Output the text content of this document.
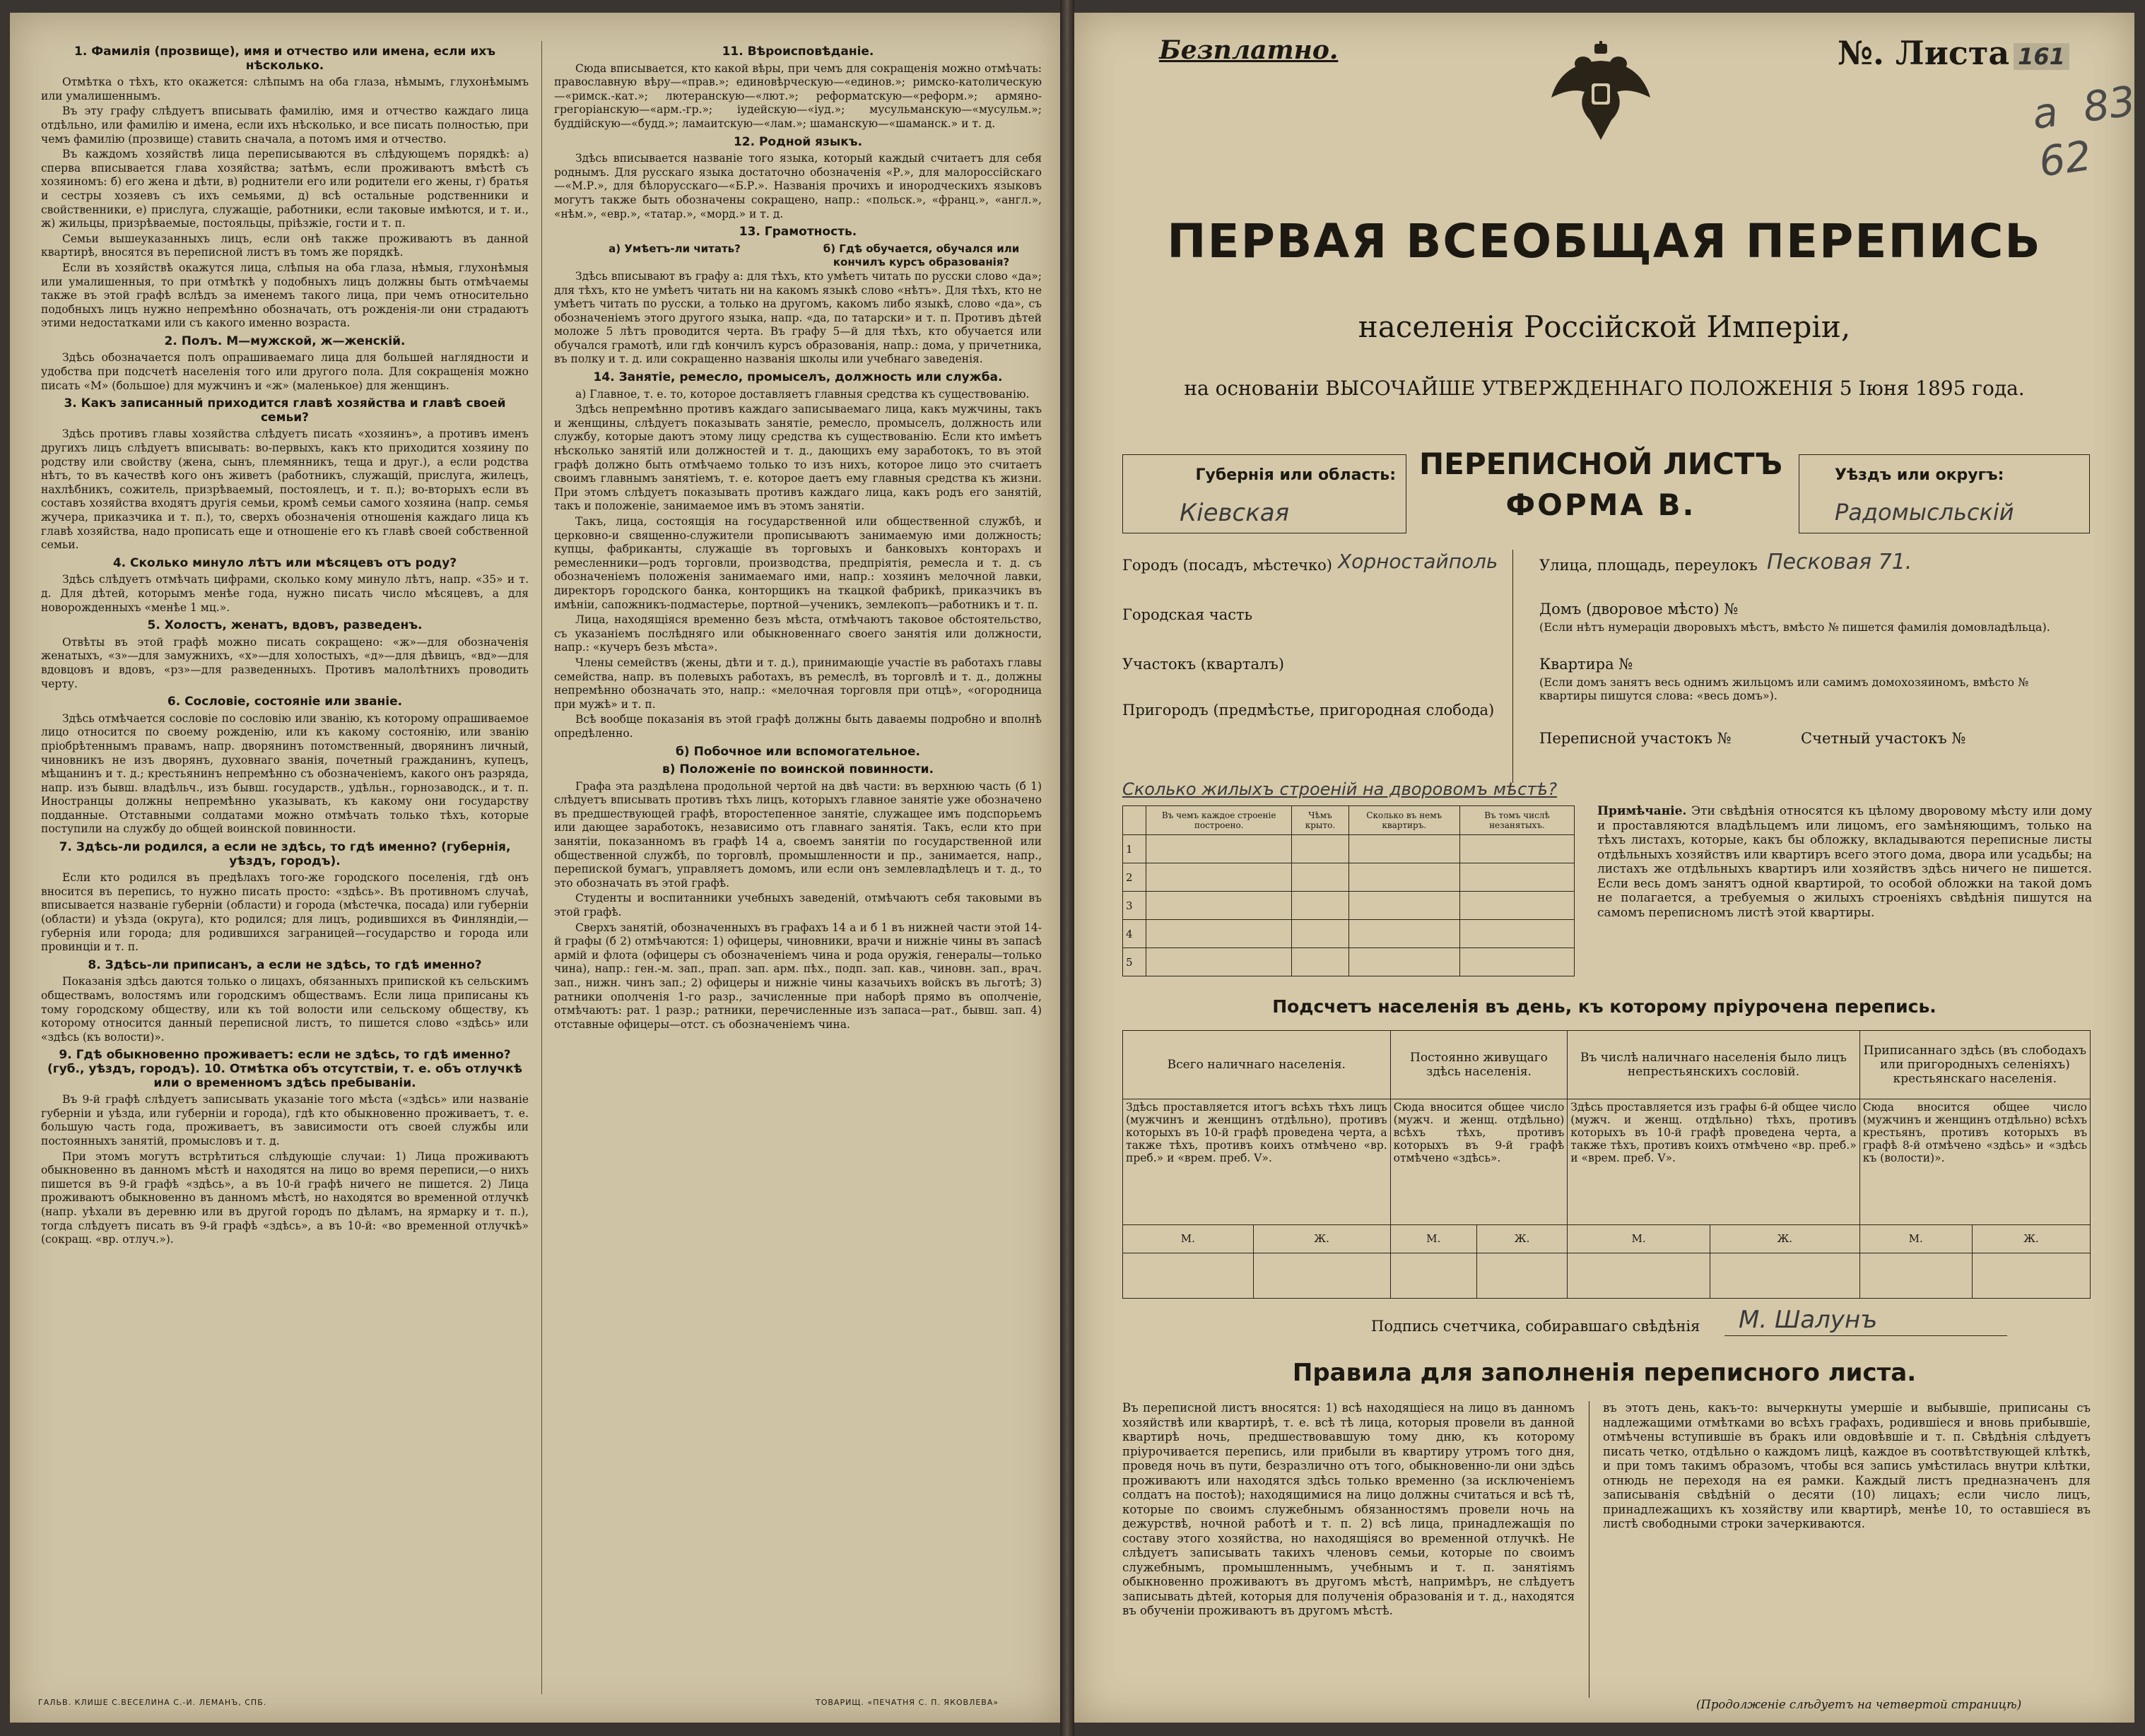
1. Фамилія (прозвище), имя и отчество или имена, если ихъ нѣсколько.
Отмѣтка о тѣхъ, кто окажется: слѣпымъ на оба глаза, нѣмымъ, глухонѣмымъ или умалишеннымъ.
Въ эту графу слѣдуетъ вписывать фамилію, имя и отчество каждаго лица отдѣльно, или фамилію и имена, если ихъ нѣсколько, и все писать полностью, при чемъ фамилію (прозвище) ставить сначала, а потомъ имя и отчество.
Въ каждомъ хозяйствѣ лица переписываются въ слѣдующемъ порядкѣ: а) сперва вписывается глава хозяйства; затѣмъ, если проживаютъ вмѣстѣ съ хозяиномъ: б) его жена и дѣти, в) роднители его или родители его жены, г) братья и сестры хозяевъ съ ихъ семьями, д) всѣ остальные родственники и свойственники, е) прислуга, служащіе, работники, если таковые имѣются, и т. и., ж) жильцы, призрѣваемые, постояльцы, пріѣзжіе, гости и т. п.
Семьи вышеуказанныхъ лицъ, если онѣ также проживаютъ въ данной квартирѣ, вносятся въ переписной листъ въ томъ же порядкѣ.
Если въ хозяйствѣ окажутся лица, слѣпыя на оба глаза, нѣмыя, глухонѣмыя или умалишенныя, то при отмѣткѣ у подобныхъ лицъ должны быть отмѣчаемы также въ этой графѣ вслѣдъ за именемъ такого лица, при чемъ относительно подобныхъ лицъ нужно непремѣнно обозначать, отъ рожденія-ли они страдаютъ этими недостатками или съ какого именно возраста.
2. Полъ. М—мужской, ж—женскій.
Здѣсь обозначается полъ опрашиваемаго лица для большей наглядности и удобства при подсчетѣ населенія того или другого пола. Для сокращенія можно писать «М» (большое) для мужчинъ и «ж» (маленькое) для женщинъ.
3. Какъ записанный приходится главѣ хозяйства и главѣ своей семьи?
Здѣсь противъ главы хозяйства слѣдуетъ писать «хозяинъ», а противъ именъ другихъ лицъ слѣдуетъ вписывать: во-первыхъ, какъ кто приходится хозяину по родству или свойству (жена, сынъ, племянникъ, теща и друг.), а если родства нѣтъ, то въ качествѣ кого онъ живетъ (работникъ, служащій, прислуга, жилецъ, нахлѣбникъ, сожитель, призрѣваемый, постоялецъ, и т. п.); во-вторыхъ если въ составъ хозяйства входятъ другія семьи, кромѣ семьи самого хозяина (напр. семья жучера, приказчика и т. п.), то, сверхъ обозначенія отношенія каждаго лица къ главѣ хозяйства, надо прописать еще и отношеніе его къ главѣ своей собственной семьи.
4. Сколько минуло лѣтъ или мѣсяцевъ отъ роду?
Здѣсь слѣдуетъ отмѣчать цифрами, сколько кому минуло лѣтъ, напр. «35» и т. д. Для дѣтей, которымъ менѣе года, нужно писать число мѣсяцевъ, а для новорожденныхъ «менѣе 1 мц.».
5. Холостъ, женатъ, вдовъ, разведенъ.
Отвѣты въ этой графѣ можно писать сокращено: «ж»—для обозначенія женатыхъ, «з»—для замужнихъ, «х»—для холостыхъ, «д»—для дѣвицъ, «вд»—для вдовцовъ и вдовъ, «рз»—для разведенныхъ. Противъ малолѣтнихъ проводить черту.
6. Сословіе, состояніе или званіе.
Здѣсь отмѣчается сословіе по сословію или званію, къ которому опрашиваемое лицо относится по своему рожденію, или къ какому состоянію, или званію пріобрѣтеннымъ правамъ, напр. дворянинъ потомственный, дворянинъ личный, чиновникъ не изъ дворянъ, духовнаго званія, почетный гражданинъ, купецъ, мѣщанинъ и т. д.; крестьянинъ непремѣнно съ обозначеніемъ, какого онъ разряда, напр. изъ бывш. владѣльч., изъ бывш. государств., удѣльн., горнозаводск., и т. п. Иностранцы должны непремѣнно указывать, къ какому они государству подданные. Отставными солдатами можно отмѣчать только тѣхъ, которые поступили на службу до общей воинской повинности.
7. Здѣсь-ли родился, а если не здѣсь, то гдѣ именно? (губернія, уѣздъ, городъ).
Если кто родился въ предѣлахъ того-же городского поселенія, гдѣ онъ вносится въ перепись, то нужно писать просто: «здѣсь». Въ противномъ случаѣ, вписывается названіе губерніи (области) и города (мѣстечка, посада) или губерніи (области) и уѣзда (округа), кто родился; для лицъ, родившихся въ Финляндіи,—губернія или города; для родившихся заграницей—государство и города или провинціи и т. п.
8. Здѣсь-ли приписанъ, а если не здѣсь, то гдѣ именно?
Показанія здѣсь даются только о лицахъ, обязанныхъ припиской къ сельскимъ обществамъ, волостямъ или городскимъ обществамъ. Если лица приписаны къ тому городскому обществу, или къ той волости или сельскому обществу, къ которому относится данный переписной листъ, то пишется слово «здѣсь» или «здѣсь (къ волости)».
9. Гдѣ обыкновенно проживаетъ: если не здѣсь, то гдѣ именно? (губ., уѣздъ, городъ). 10. Отмѣтка объ отсутствіи, т. е. объ отлучкѣ или о временномъ здѣсь пребываніи.
Въ 9-й графѣ слѣдуетъ записывать указаніе того мѣста («здѣсь» или названіе губерніи и уѣзда, или губерніи и города), гдѣ кто обыкновенно проживаетъ, т. е. большую часть года, проживаетъ, въ зависимости отъ своей службы или постоянныхъ занятій, промысловъ и т. д.
При этомъ могутъ встрѣтиться слѣдующіе случаи: 1) Лица проживаютъ обыкновенно въ данномъ мѣстѣ и находятся на лицо во время переписи,—о нихъ пишется въ 9-й графѣ «здѣсь», а въ 10-й графѣ ничего не пишется. 2) Лица проживаютъ обыкновенно въ данномъ мѣстѣ, но находятся во временной отлучкѣ (напр. уѣхали въ деревню или въ другой городъ по дѣламъ, на ярмарку и т. п.), тогда слѣдуетъ писать въ 9-й графѣ «здѣсь», а въ 10-й: «во временной отлучкѣ» (сокращ. «вр. отлуч.»).
11. Вѣроисповѣданіе.
Сюда вписывается, кто какой вѣры, при чемъ для сокращенія можно отмѣчать: православную вѣру—«прав.»; единовѣрческую—«единов.»; римско-католическую—«римск.-кат.»; лютеранскую—«лют.»; реформатскую—«реформ.»; армяно-грегоріанскую—«арм.-гр.»; іудейскую—«іуд.»; мусульманскую—«мусульм.»; буддійскую—«будд.»; ламаитскую—«лам.»; шаманскую—«шаманск.» и т. д.
12. Родной языкъ.
Здѣсь вписывается названіе того языка, который каждый считаетъ для себя роднымъ. Для русскаго языка достаточно обозначенія «Р.», для малороссійскаго—«М.Р.», для бѣлорусскаго—«Б.Р.». Названія прочихъ и инородческихъ языковъ могутъ также быть обозначены сокращено, напр.: «польск.», «франц.», «англ.», «нѣм.», «евр.», «татар.», «морд.» и т. д.
13. Грамотность.
а) Умѣетъ-ли читать?	б) Гдѣ обучается, обучался или кончилъ курсъ образованія?
Здѣсь вписывают въ графу а: для тѣхъ, кто умѣетъ читать по русски слово «да»; для тѣхъ, кто не умѣетъ читать ни на какомъ языкѣ слово «нѣтъ». Для тѣхъ, кто не умѣетъ читать по русски, а только на другомъ, какомъ либо языкѣ, слово «да», съ обозначеніемъ этого другого языка, напр. «да, по татарски» и т. п. Противъ дѣтей моложе 5 лѣтъ проводится черта. Въ графу 5—й для тѣхъ, кто обучается или обучался грамотѣ, или гдѣ кончилъ курсъ образованія, напр.: дома, у причетника, въ полку и т. д. или сокращенно названія школы или учебнаго заведенія.
14. Занятіе, ремесло, промыселъ, должность или служба.
а) Главное, т. е. то, которое доставляетъ главныя средства къ существованію.
Здѣсь непремѣнно противъ каждаго записываемаго лица, какъ мужчины, такъ и женщины, слѣдуетъ показывать занятіе, ремесло, промыселъ, должность или службу, которые даютъ этому лицу средства къ существованію. Если кто имѣетъ нѣсколько занятій или должностей и т. д., дающихъ ему заработокъ, то въ этой графѣ должно быть отмѣчаемо только то изъ нихъ, которое лицо это считаетъ своимъ главнымъ занятіемъ, т. е. которое даетъ ему главныя средства къ жизни. При этомъ слѣдуетъ показывать противъ каждаго лица, какъ родъ его занятій, такъ и положеніе, занимаемое имъ въ этомъ занятіи.
Такъ, лица, состоящія на государственной или общественной службѣ, и церковно-и священно-служители прописываютъ занимаемую ими должность; купцы, фабриканты, служащіе въ торговыхъ и банковыхъ конторахъ и ремесленники—родъ торговли, производства, предпріятія, ремесла и т. д. съ обозначеніемъ положенія занимаемаго ими, напр.: хозяинъ мелочной лавки, директоръ городского банка, конторщикъ на ткацкой фабрикѣ, приказчикъ въ имѣніи, сапожникъ-подмастерье, портной—ученикъ, землекопъ—работникъ и т. п.
Лица, находящіяся временно безъ мѣста, отмѣчаютъ таковое обстоятельство, съ указаніемъ послѣдняго или обыкновеннаго своего занятія или должности, напр.: «кучеръ безъ мѣста».
Члены семействъ (жены, дѣти и т. д.), принимающіе участіе въ работахъ главы семейства, напр. въ полевыхъ работахъ, въ ремеслѣ, въ торговлѣ и т. д., должны непремѣнно обозначать это, напр.: «мелочная торговля при отцѣ», «огородница при мужѣ» и т. п.
Всѣ вообще показанія въ этой графѣ должны быть даваемы подробно и вполнѣ опредѣленно.
б) Побочное или вспомогательное.
в) Положеніе по воинской повинности.
Графа эта раздѣлена продольной чертой на двѣ части: въ верхнюю часть (б 1) слѣдуетъ вписывать противъ тѣхъ лицъ, которыхъ главное занятіе уже обозначено въ предшествующей графѣ, второстепенное занятіе, служащее имъ подспорьемъ или дающее заработокъ, независимо отъ главнаго занятія. Такъ, если кто при занятіи, показанномъ въ графѣ 14 а, своемъ занятіи по государственной или общественной службѣ, по торговлѣ, промышленности и пр., занимается, напр., перепиской бумагъ, управляетъ домомъ, или если онъ землевладѣлецъ и т. д., то это обозначать въ этой графѣ.
Студенты и воспитанники учебныхъ заведеній, отмѣчаютъ себя таковыми въ этой графѣ.
Сверхъ занятій, обозначенныхъ въ графахъ 14 а и б 1 въ нижней части этой 14-й графы (б 2) отмѣчаются: 1) офицеры, чиновники, врачи и нижніе чины въ запасѣ армій и флота (офицеры съ обозначеніемъ чина и рода оружія, генералы—только чина), напр.: ген.-м. зап., прап. зап. арм. пѣх., подп. зап. кав., чиновн. зап., врач. зап., нижн. чинъ зап.; 2) офицеры и нижніе чины казачьихъ войскъ въ льготѣ; 3) ратники ополченія 1-го разр., зачисленные при наборѣ прямо въ ополченіе, отмѣчаютъ: рат. 1 разр.; ратники, перечисленные изъ запаса—рат., бывш. зап. 4) отставные офицеры—отст. съ обозначеніемъ чина.
ГАЛЬВ. КЛИШЕ С.ВЕСЕЛИНА С.-И. ЛЕМАНЪ, СПБ.	ТОВАРИЩ. «ПЕЧАТНЯ С. П. ЯКОВЛЕВА»
Безплатно.	№. Листа 161
а  83
62
ПЕРВАЯ ВСЕОБЩАЯ ПЕРЕПИСЬ
населенія Россійской Имперіи,
на основаніи ВЫСОЧАЙШЕ УТВЕРЖДЕННАГО ПОЛОЖЕНІЯ 5 Іюня 1895 года.
Губернія или область:
Кіевская
ПЕРЕПИСНОЙ ЛИСТЪ
ФОРМА В.
Уѣздъ или округъ:
Радомысльскій
Городъ (посадъ, мѣстечко) Хорностайполь
Городская часть
Участокъ (кварталъ)
Пригородъ (предмѣстье, пригородная слобода)
Улица, площадь, переулокъ Песковая 71.
Домъ (дворовое мѣсто) №
(Если нѣтъ нумераціи дворовыхъ мѣстъ, вмѣсто № пишется фамилія домовладѣльца).
Квартира №
(Если домъ занятъ весь однимъ жильцомъ или самимъ домохозяиномъ, вмѣсто № квартиры пишутся слова: «весь домъ»).
Переписной участокъ №	Счетный участокъ №
Сколько жилыхъ строеній на дворовомъ мѣстѣ?
	Въ чемъ каждое строеніе построено.	Чѣмъ крыто.	Сколько въ немъ квартиръ.	Въ томъ числѣ незанятыхъ.
1				
2				
3				
4				
5				
Примѣчаніе. Эти свѣдѣнія относятся къ цѣлому дворовому мѣсту или дому и проставляются владѣльцемъ или лицомъ, его замѣняющимъ, только на тѣхъ листахъ, которые, какъ бы обложку, вкладываются переписные листы отдѣльныхъ хозяйствъ или квартиръ всего этого дома, двора или усадьбы; на листахъ же отдѣльныхъ квартиръ или хозяйствъ здѣсь ничего не пишется. Если весь домъ занятъ одной квартирой, то особой обложки на такой домъ не полагается, а требуемыя о жилыхъ строеніяхъ свѣдѣнія пишутся на самомъ переписномъ листѣ этой квартиры.
Подсчетъ населенія въ день, къ которому пріурочена перепись.
Всего наличнаго населенія.		Постоянно живущаго здѣсь населенія.		Въ числѣ наличнаго населенія было лицъ непрестьянскихъ сословій.		Приписаннаго здѣсь (въ слободахъ или пригородныхъ селеніяхъ) крестьянскаго населенія.	
Здѣсь проставляется итогъ всѣхъ тѣхъ лицъ (мужчинъ и женщинъ отдѣльно), противъ которыхъ въ 10-й графѣ проведена черта, а также тѣхъ, противъ коихъ отмѣчено «вр. преб.» и «врем. преб. V».		Сюда вносится общее число (мужч. и женщ. отдѣльно) всѣхъ тѣхъ, противъ которыхъ въ 9-й графѣ отмѣчено «здѣсь».		Здѣсь проставляется изъ графы 6-й общее число (мужч. и женщ. отдѣльно) тѣхъ, противъ которыхъ въ 10-й графѣ проведена черта, а также тѣхъ, противъ коихъ отмѣчено «вр. преб.» и «врем. преб. V».		Сюда вносится общее число (мужчинъ и женщинъ отдѣльно) всѣхъ крестьянъ, противъ которыхъ въ графѣ 8-й отмѣчено «здѣсь» и «здѣсь къ (волости)».	
М.	Ж.	М.	Ж.	М.	Ж.	М.	Ж.

Подпись счетчика, собиравшаго свѣдѣнія М. Шалунъ
Правила для заполненія переписного листа.
Въ переписной листъ вносятся: 1) всѣ находящіеся на лицо въ данномъ хозяйствѣ или квартирѣ, т. е. всѣ тѣ лица, которыя провели въ данной квартирѣ ночь, предшествовавшую тому дню, къ которому пріурочивается перепись, или прибыли въ квартиру утромъ того дня, проведя ночь въ пути, безразлично отъ того, обыкновенно-ли они здѣсь проживаютъ или находятся здѣсь только временно (за исключеніемъ солдатъ на постоѣ); находящимися на лицо должны считаться и всѣ тѣ, которые по своимъ служебнымъ обязанностямъ провели ночь на дежурствѣ, ночной работѣ и т. п. 2) всѣ лица, принадлежащія по составу этого хозяйства, но находящіяся во временной отлучкѣ. Не слѣдуетъ записывать такихъ членовъ семьи, которые по своимъ служебнымъ, промышленнымъ, учебнымъ и т. п. занятіямъ обыкновенно проживаютъ въ другомъ мѣстѣ, напримѣръ, не слѣдуетъ записывать дѣтей, которыя для полученія образованія и т. д., находятся въ обученіи проживаютъ въ другомъ мѣстѣ.
въ этотъ день, какъ-то: вычеркнуты умершіе и выбывшіе, приписаны съ надлежащими отмѣтками во всѣхъ графахъ, родившіеся и вновь прибывшіе, отмѣчены вступившіе въ бракъ или овдовѣвшіе и т. п. Свѣдѣнія слѣдуетъ писать четко, отдѣльно о каждомъ лицѣ, каждое въ соотвѣтствующей клѣткѣ, и при томъ такимъ образомъ, чтобы вся запись умѣстилась внутри клѣтки, отнюдь не переходя на ея рамки. Каждый листъ предназначенъ для записыванія свѣдѣній о десяти (10) лицахъ; если число лицъ, принадлежащихъ къ хозяйству или квартирѣ, менѣе 10, то оставшіеся въ листѣ свободными строки зачеркиваются.
(Продолженіе слѣдуетъ на четвертой страницѣ)
